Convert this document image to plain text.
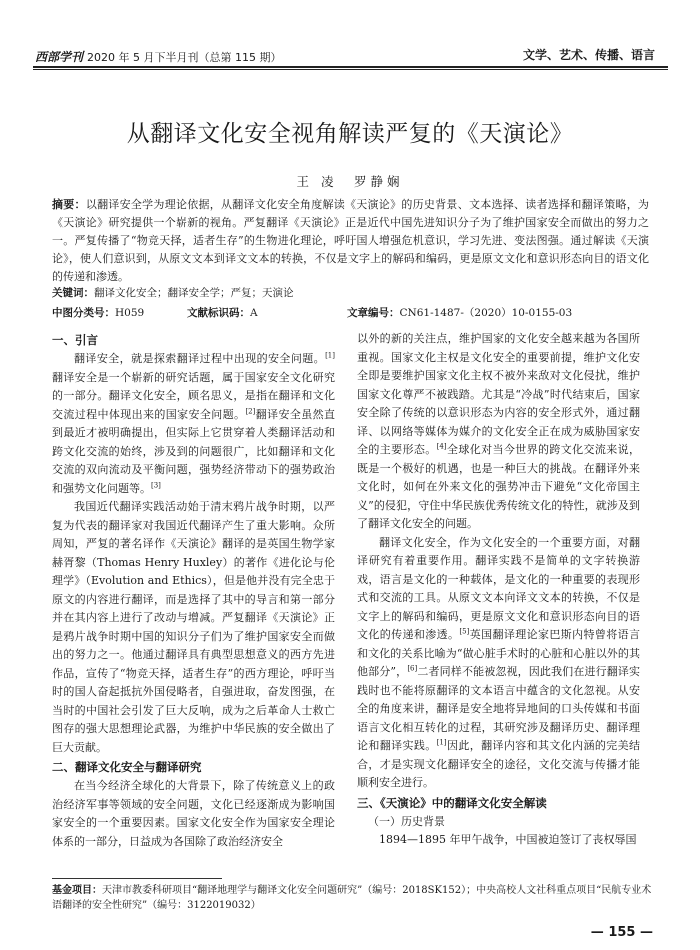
西部学刊 2020 年 5 月下半月刊（总第 115 期）	文学、艺术、传播、语言
从翻译文化安全视角解读严复的《天演论》
王 凌　罗静娴
摘要：以翻译安全学为理论依据，从翻译文化安全角度解读《天演论》的历史背景、文本选择、读者选择和翻译策略，为《天演论》研究提供一个崭新的视角。严复翻译《天演论》正是近代中国先进知识分子为了维护国家安全而做出的努力之一。严复传播了“物竞天择，适者生存”的生物进化理论，呼吁国人增强危机意识，学习先进、变法图强。通过解读《天演论》，使人们意识到，从原文文本到译文文本的转换，不仅是文字上的解码和编码，更是原文文化和意识形态向目的语文化的传递和渗透。
关键词：翻译文化安全；翻译安全学；严复；天演论
中图分类号：H059	文献标识码：A	文章编号：CN61-1487-（2020）10-0155-03
一、引言

翻译安全，就是探索翻译过程中出现的安全问题。[1]翻译安全是一个崭新的研究话题，属于国家安全文化研究的一部分。翻译文化安全，顾名思义，是指在翻译和文化交流过程中体现出来的国家安全问题。[2]翻译安全虽然直到最近才被明确提出，但实际上它贯穿着人类翻译活动和跨文化交流的始终，涉及到的问题很广，比如翻译和文化交流的双向流动及平衡问题，强势经济带动下的强势政治和强势文化问题等。[3]

我国近代翻译实践活动始于清末鸦片战争时期，以严复为代表的翻译家对我国近代翻译产生了重大影响。众所周知，严复的著名译作《天演论》翻译的是英国生物学家赫胥黎（Thomas Henry Huxley）的著作《进化论与伦理学》（Evolution and Ethics），但是他并没有完全忠于原文的内容进行翻译，而是选择了其中的导言和第一部分并在其内容上进行了改动与增减。严复翻译《天演论》正是鸦片战争时期中国的知识分子们为了维护国家安全而做出的努力之一。他通过翻译具有典型思想意义的西方先进作品，宣传了“物竞天择，适者生存”的西方理论，呼吁当时的国人奋起抵抗外国侵略者，自强进取，奋发图强，在当时的中国社会引发了巨大反响，成为之后革命人士救亡图存的强大思想理论武器，为维护中华民族的安全做出了巨大贡献。

二、翻译文化安全与翻译研究

在当今经济全球化的大背景下，除了传统意义上的政治经济军事等领域的安全问题，文化已经逐渐成为影响国家安全的一个重要因素。国家文化安全作为国家安全理论体系的一部分，日益成为各国除了政治经济安全

以外的新的关注点，维护国家的文化安全越来越为各国所重视。国家文化主权是文化安全的重要前提，维护文化安全即是要维护国家文化主权不被外来敌对文化侵扰，维护国家文化尊严不被践踏。尤其是“冷战”时代结束后，国家安全除了传统的以意识形态为内容的安全形式外，通过翻译、以网络等媒体为媒介的文化安全正在成为威胁国家安全的主要形态。[4]全球化对当今世界的跨文化交流来说，既是一个极好的机遇，也是一种巨大的挑战。在翻译外来文化时，如何在外来文化的强势冲击下避免“文化帝国主义”的侵犯，守住中华民族优秀传统文化的特性，就涉及到了翻译文化安全的问题。

翻译文化安全，作为文化安全的一个重要方面，对翻译研究有着重要作用。翻译实践不是简单的文字转换游戏，语言是文化的一种载体，是文化的一种重要的表现形式和交流的工具。从原文文本向译文文本的转换，不仅是文字上的解码和编码，更是原文文化和意识形态向目的语文化的传递和渗透。[5]英国翻译理论家巴斯内特曾将语言和文化的关系比喻为“做心脏手术时的心脏和心脏以外的其他部分”，[6]二者同样不能被忽视，因此我们在进行翻译实践时也不能将原翻译的文本语言中蕴含的文化忽视。从安全的角度来讲，翻译是安全地将异地间的口头传媒和书面语言文化相互转化的过程，其研究涉及翻译历史、翻译理论和翻译实践。[1]因此，翻译内容和其文化内涵的完美结合，才是实现文化翻译安全的途径，文化交流与传播才能顺利安全进行。

三、《天演论》中的翻译文化安全解读
（一）历史背景

1894—1895 年甲午战争，中国被迫签订了丧权辱国

基金项目：天津市教委科研项目“翻译地理学与翻译文化安全问题研究”（编号：2018SK152）；中央高校人文社科重点项目“民航专业术语翻译的安全性研究”（编号：3122019032）
— 155 —
